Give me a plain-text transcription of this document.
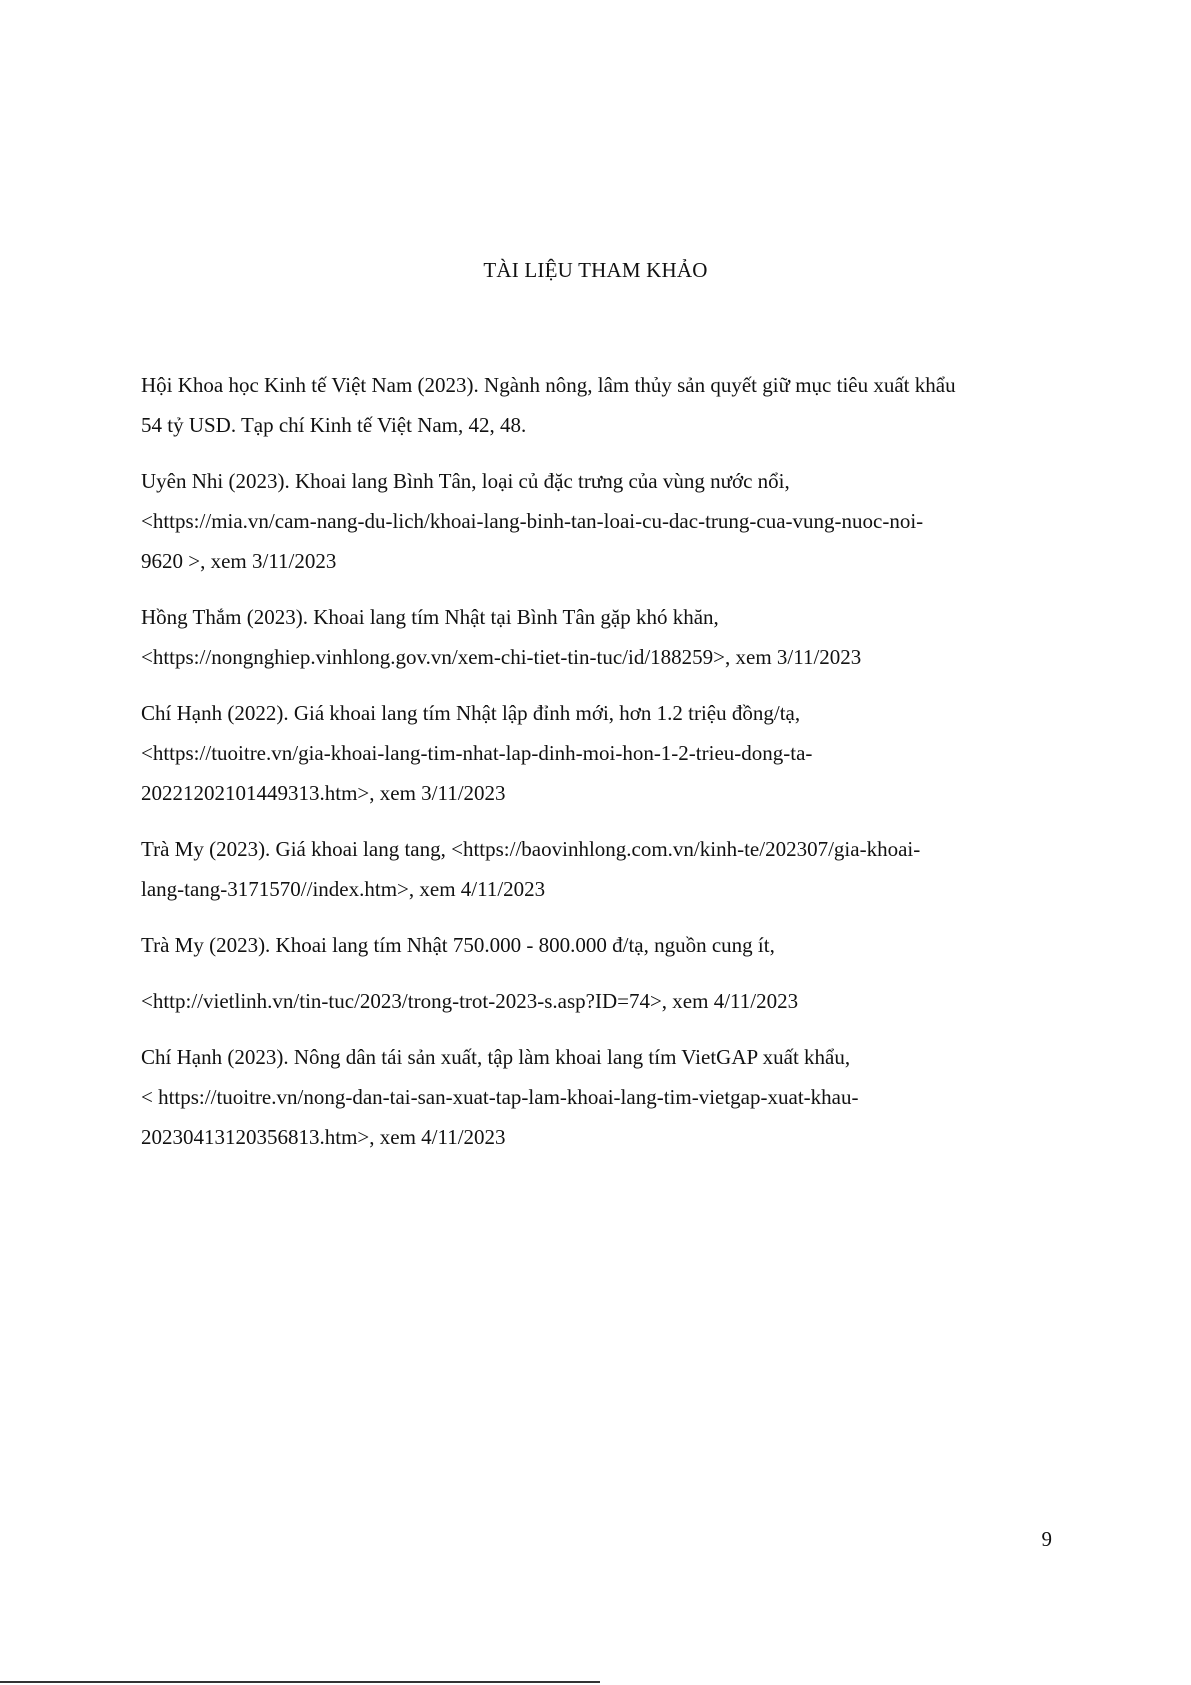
TÀI LIỆU THAM KHẢO

Hội Khoa học Kinh tế Việt Nam (2023). Ngành nông, lâm thủy sản quyết giữ mục tiêu xuất khẩu
54 tỷ USD. Tạp chí Kinh tế Việt Nam, 42, 48.

Uyên Nhi (2023). Khoai lang Bình Tân, loại củ đặc trưng của vùng nước nổi,
<https://mia.vn/cam-nang-du-lich/khoai-lang-binh-tan-loai-cu-dac-trung-cua-vung-nuoc-noi-
9620 >, xem 3/11/2023

Hồng Thắm (2023). Khoai lang tím Nhật tại Bình Tân gặp khó khăn,
<https://nongnghiep.vinhlong.gov.vn/xem-chi-tiet-tin-tuc/id/188259>, xem 3/11/2023

Chí Hạnh (2022). Giá khoai lang tím Nhật lập đỉnh mới, hơn 1.2 triệu đồng/tạ,
<https://tuoitre.vn/gia-khoai-lang-tim-nhat-lap-dinh-moi-hon-1-2-trieu-dong-ta-
20221202101449313.htm>, xem 3/11/2023

Trà My (2023). Giá khoai lang tang, <https://baovinhlong.com.vn/kinh-te/202307/gia-khoai-
lang-tang-3171570//index.htm>, xem 4/11/2023

Trà My (2023). Khoai lang tím Nhật 750.000 - 800.000 đ/tạ, nguồn cung ít,

<http://vietlinh.vn/tin-tuc/2023/trong-trot-2023-s.asp?ID=74>, xem 4/11/2023

Chí Hạnh (2023). Nông dân tái sản xuất, tập làm khoai lang tím VietGAP xuất khẩu,
< https://tuoitre.vn/nong-dan-tai-san-xuat-tap-lam-khoai-lang-tim-vietgap-xuat-khau-
20230413120356813.htm>, xem 4/11/2023

9
